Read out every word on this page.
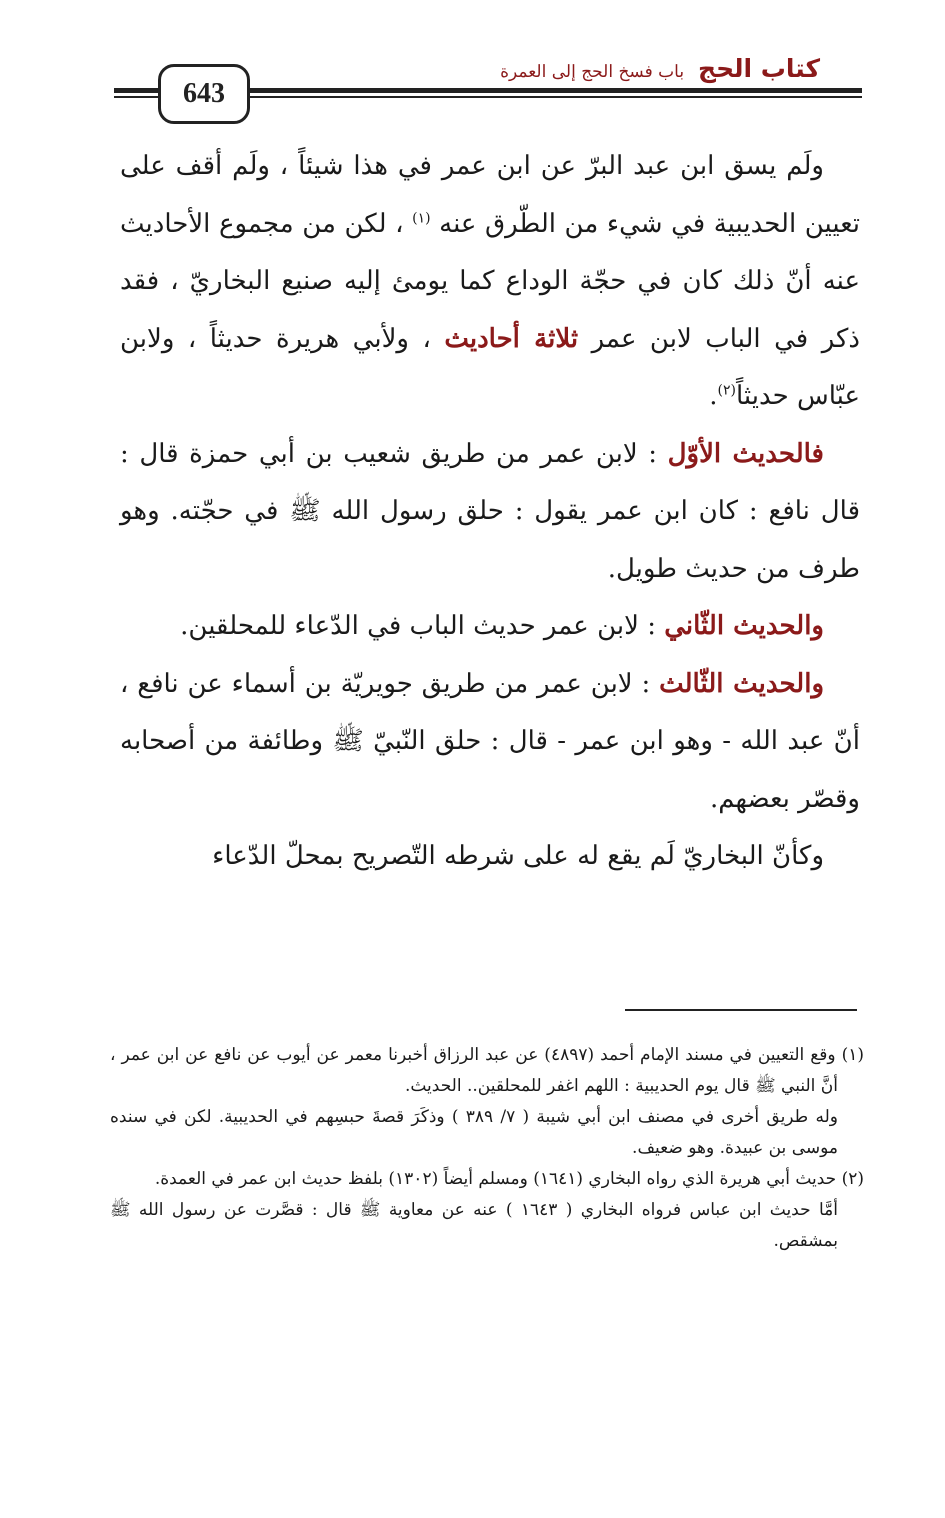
643
كتاب الحج
باب فسخ الحج إلى العمرة

ولَم يسق ابن عبد البرّ عن ابن عمر في هذا شيئاً ، ولَم أقف على تعيين الحديبية في شيء من الطّرق عنه $^{(١)}$ ، لكن من مجموع الأحاديث عنه أنّ ذلك كان في حجّة الوداع كما يومئ إليه صنيع البخاريّ ، فقد ذكر في الباب لابن عمر ثلاثة أحاديث ، ولأبي هريرة حديثاً ، ولابن عبّاس حديثاً$^{(٢)}$.

فالحديث الأوّل : لابن عمر من طريق شعيب بن أبي حمزة قال : قال نافع : كان ابن عمر يقول : حلق رسول الله ﷺ في حجّته. وهو طرف من حديث طويل.

والحديث الثّاني : لابن عمر حديث الباب في الدّعاء للمحلقين.

والحديث الثّالث : لابن عمر من طريق جويريّة بن أسماء عن نافع ، أنّ عبد الله - وهو ابن عمر - قال : حلق النّبيّ ﷺ وطائفة من أصحابه وقصّر بعضهم.

وكأنّ البخاريّ لَم يقع له على شرطه التّصريح بمحلّ الدّعاء

(١) وقع التعيين في مسند الإمام أحمد (٤٨٩٧) عن عبد الرزاق أخبرنا معمر عن أيوب عن نافع عن ابن عمر ، أنَّ النبي ﷺ قال يوم الحديبية : اللهم اغفر للمحلقين.. الحديث.

وله طريق أخرى في مصنف ابن أبي شيبة ( ٧/ ٣٨٩ ) وذكَرَ قصةَ حبسِهم في الحديبية. لكن في سنده موسى بن عبيدة. وهو ضعيف.

(٢) حديث أبي هريرة الذي رواه البخاري (١٦٤١) ومسلم أيضاً (١٣٠٢) بلفظ حديث ابن عمر في العمدة.

أمَّا حديث ابن عباس فرواه البخاري ( ١٦٤٣ ) عنه عن معاوية ﷺ قال : قصَّرت عن رسول الله ﷺ بمشقص.
